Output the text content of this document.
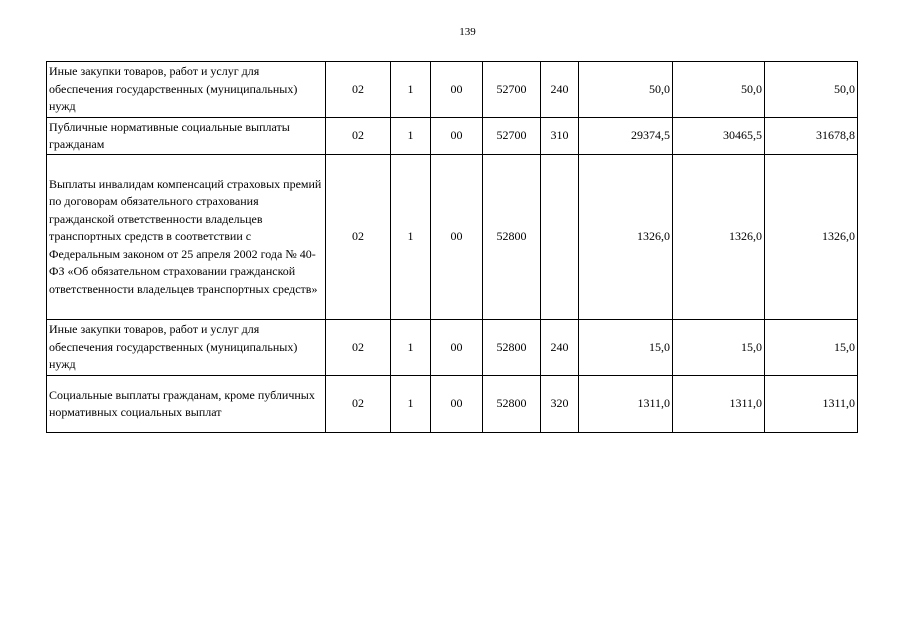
139
Иные закупки товаров, работ и услуг для обеспечения государственных (муниципальных) нужд	02	1	00	52700	240	50,0	50,0	50,0
Публичные нормативные социальные выплаты гражданам	02	1	00	52700	310	29374,5	30465,5	31678,8
Выплаты инвалидам компенсаций страховых премий по договорам обязательного страхования гражданской ответственности владельцев транспортных средств в соответствии с Федеральным законом от 25 апреля 2002 года № 40-ФЗ «Об обязательном страховании гражданской ответственности владельцев транспортных средств»	02	1	00	52800		1326,0	1326,0	1326,0
Иные закупки товаров, работ и услуг для обеспечения государственных (муниципальных) нужд	02	1	00	52800	240	15,0	15,0	15,0
Социальные выплаты гражданам, кроме публичных нормативных социальных выплат	02	1	00	52800	320	1311,0	1311,0	1311,0
